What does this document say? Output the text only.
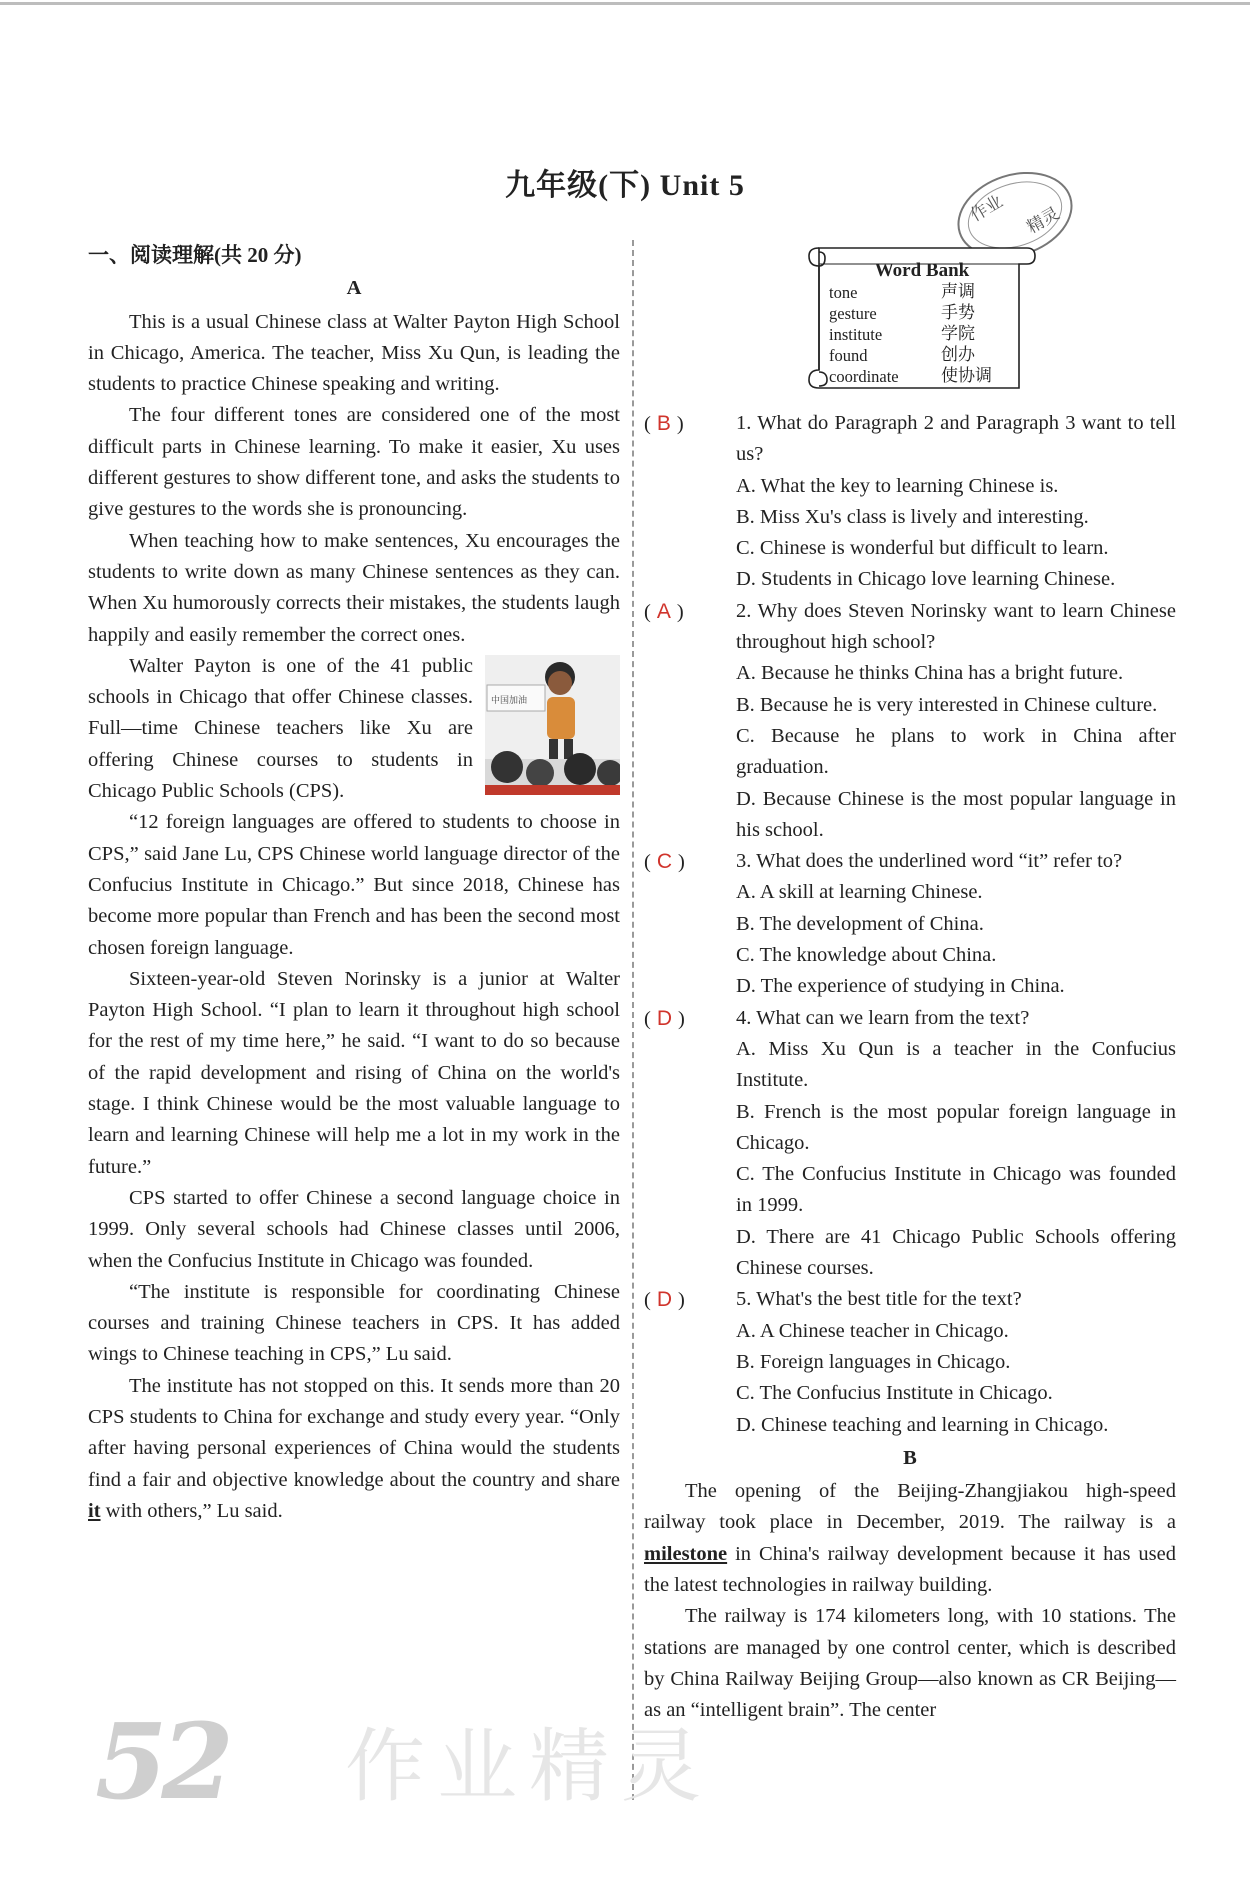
九年级(下) Unit 5
作业 精灵
一、阅读理解(共 20 分)
A

This is a usual Chinese class at Walter Payton High School in Chicago, America. The teacher, Miss Xu Qun, is leading the students to practice Chinese speaking and writing.

The four different tones are considered one of the most difficult parts in Chinese learning. To make it easier, Xu uses different gestures to show different tone, and asks the students to give gestures to the words she is pronouncing.

When teaching how to make sentences, Xu encourages the students to write down as many Chinese sentences as they can. When Xu humorously corrects their mistakes, the students laugh happily and easily remember the correct ones.

中国加油

Walter Payton is one of the 41 public schools in Chicago that offer Chinese classes. Full—time Chinese teachers like Xu are offering Chinese courses to students in Chicago Public Schools (CPS).

“12 foreign languages are offered to students to choose in CPS,” said Jane Lu, CPS Chinese world language director of the Confucius Institute in Chicago.” But since 2018, Chinese has become more popular than French and has been the second most chosen foreign language.

Sixteen-year-old Steven Norinsky is a junior at Walter Payton High School. “I plan to learn it throughout high school for the rest of my time here,” he said. “I want to do so because of the rapid development and rising of China on the world's stage. I think Chinese would be the most valuable language to learn and learning Chinese will help me a lot in my work in the future.”

CPS started to offer Chinese a second language choice in 1999. Only several schools had Chinese classes until 2006, when the Confucius Institute in Chicago was founded.

“The institute is responsible for coordinating Chinese courses and training Chinese teachers in CPS. It has added wings to Chinese teaching in CPS,” Lu said.

The institute has not stopped on this. It sends more than 20 CPS students to China for exchange and study every year. “Only after having personal experiences of China would the students find a fair and objective knowledge about the country and share it with others,” Lu said.

Word Bank
tone	声调
gesture	手势
institute	学院
found	创办
coordinate	使协调
( B )	1. What do Paragraph 2 and Paragraph 3 want to tell us?
A. What the key to learning Chinese is.
B. Miss Xu's class is lively and interesting.
C. Chinese is wonderful but difficult to learn.
D. Students in Chicago love learning Chinese.
( A )	2. Why does Steven Norinsky want to learn Chinese throughout high school?
A. Because he thinks China has a bright future.
B. Because he is very interested in Chinese culture.
C. Because he plans to work in China after graduation.
D. Because Chinese is the most popular language in his school.
( C ) 3. What does the underlined word “it” refer to?
A. A skill at learning Chinese.
B. The development of China.
C. The knowledge about China.
D. The experience of studying in China.
( D ) 4. What can we learn from the text?
A. Miss Xu Qun is a teacher in the Confucius Institute.
B. French is the most popular foreign language in Chicago.
C. The Confucius Institute in Chicago was founded in 1999.
D. There are 41 Chicago Public Schools offering Chinese courses.
( D ) 5. What's the best title for the text?
A. A Chinese teacher in Chicago.
B. Foreign languages in Chicago.
C. The Confucius Institute in Chicago.
D. Chinese teaching and learning in Chicago.
B

The opening of the Beijing-Zhangjiakou high-speed railway took place in December, 2019. The railway is a milestone in China's railway development because it has used the latest technologies in railway building.

The railway is 174 kilometers long, with 10 stations. The stations are managed by one control center, which is described by China Railway Beijing Group—also known as CR Beijing—as an “intelligent brain”. The center

52 作业精灵
